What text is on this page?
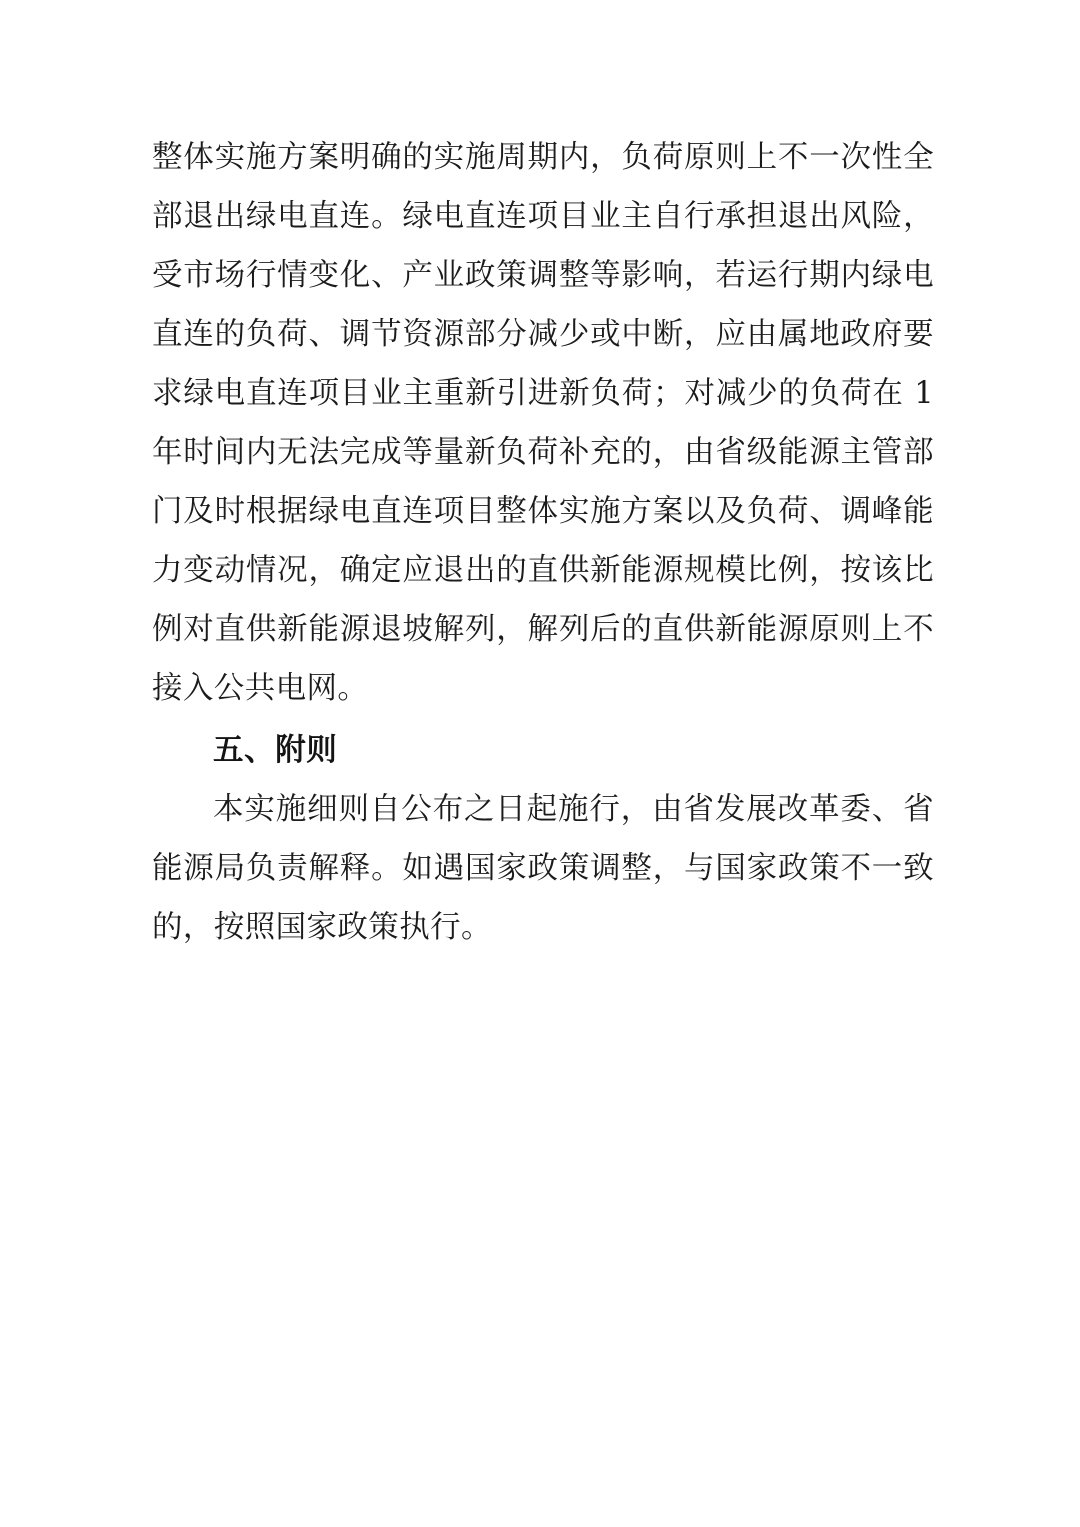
整体实施方案明确的实施周期内，负荷原则上不一次性全部退出绿电直连。绿电直连项目业主自行承担退出风险，受市场行情变化、产业政策调整等影响，若运行期内绿电直连的负荷、调节资源部分减少或中断，应由属地政府要求绿电直连项目业主重新引进新负荷；对减少的负荷在 1 年时间内无法完成等量新负荷补充的，由省级能源主管部门及时根据绿电直连项目整体实施方案以及负荷、调峰能力变动情况，确定应退出的直供新能源规模比例，按该比例对直供新能源退坡解列，解列后的直供新能源原则上不接入公共电网。

五、附则

本实施细则自公布之日起施行，由省发展改革委、省能源局负责解释。如遇国家政策调整，与国家政策不一致的，按照国家政策执行。
